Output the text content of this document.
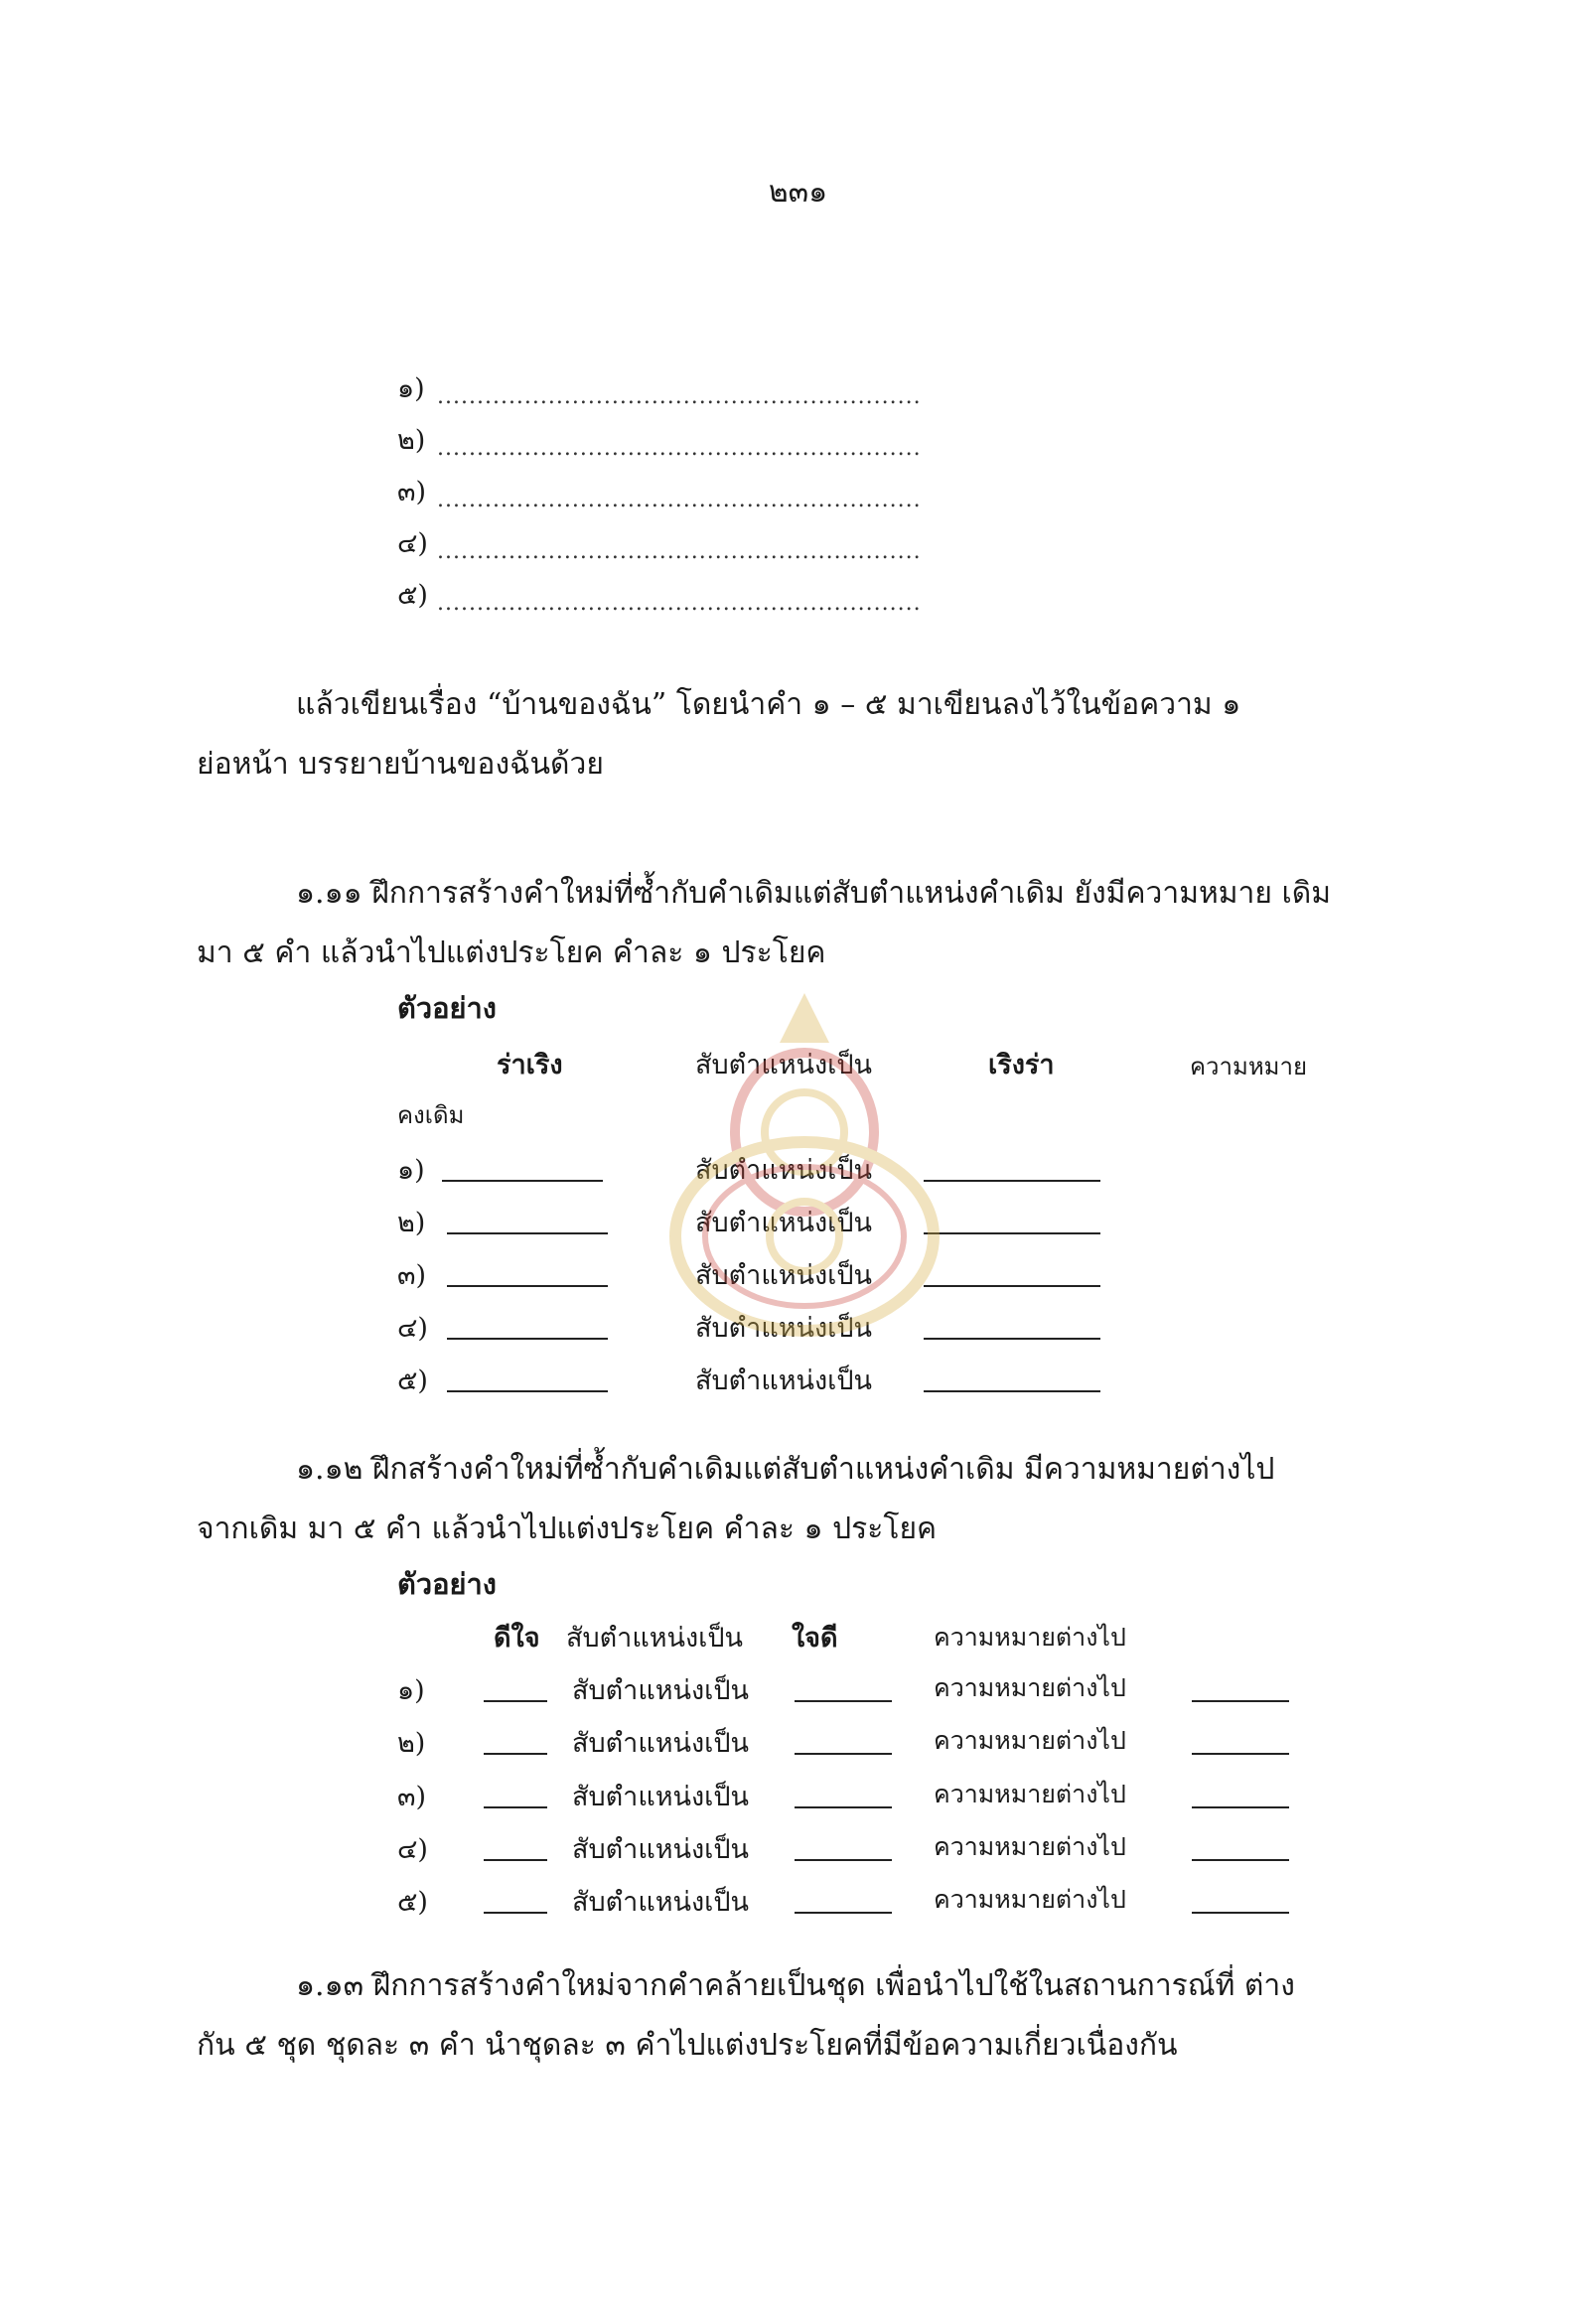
๒๓๑
๑) .............................................................
๒) .............................................................
๓) .............................................................
๔) .............................................................
๕) .............................................................
แล้วเขียนเรื่อง “บ้านของฉัน” โดยนำคำ ๑ – ๕ มาเขียนลงไว้ในข้อความ ๑ ย่อหน้า บรรยายบ้านของฉันด้วย
๑.๑๑ ฝึกการสร้างคำใหม่ที่ซ้ำกับคำเดิมแต่สับตำแหน่งคำเดิม ยังมีความหมาย เดิมมา ๕ คำ แล้วนำไปแต่งประโยค คำละ ๑ ประโยค
ตัวอย่าง
ร่าเริง	สับตำแหน่งเป็น	เริงร่า	ความหมาย
คงเดิม
๑)	สับตำแหน่งเป็น
๒)	สับตำแหน่งเป็น
๓)	สับตำแหน่งเป็น
๔)	สับตำแหน่งเป็น
๕)	สับตำแหน่งเป็น
๑.๑๒ ฝึกสร้างคำใหม่ที่ซ้ำกับคำเดิมแต่สับตำแหน่งคำเดิม มีความหมายต่างไป จากเดิม มา ๕ คำ แล้วนำไปแต่งประโยค คำละ ๑ ประโยค
ตัวอย่าง
ดีใจ สับตำแหน่งเป็น ใจดี	ความหมายต่างไป
๑)	สับตำแหน่งเป็น	ความหมายต่างไป
๒)	สับตำแหน่งเป็น	ความหมายต่างไป
๓)	สับตำแหน่งเป็น	ความหมายต่างไป
๔)	สับตำแหน่งเป็น	ความหมายต่างไป
๕)	สับตำแหน่งเป็น	ความหมายต่างไป
๑.๑๓ ฝึกการสร้างคำใหม่จากคำคล้ายเป็นชุด เพื่อนำไปใช้ในสถานการณ์ที่ ต่างกัน ๕ ชุด ชุดละ ๓ คำ นำชุดละ ๓ คำไปแต่งประโยคที่มีข้อความเกี่ยวเนื่องกัน
